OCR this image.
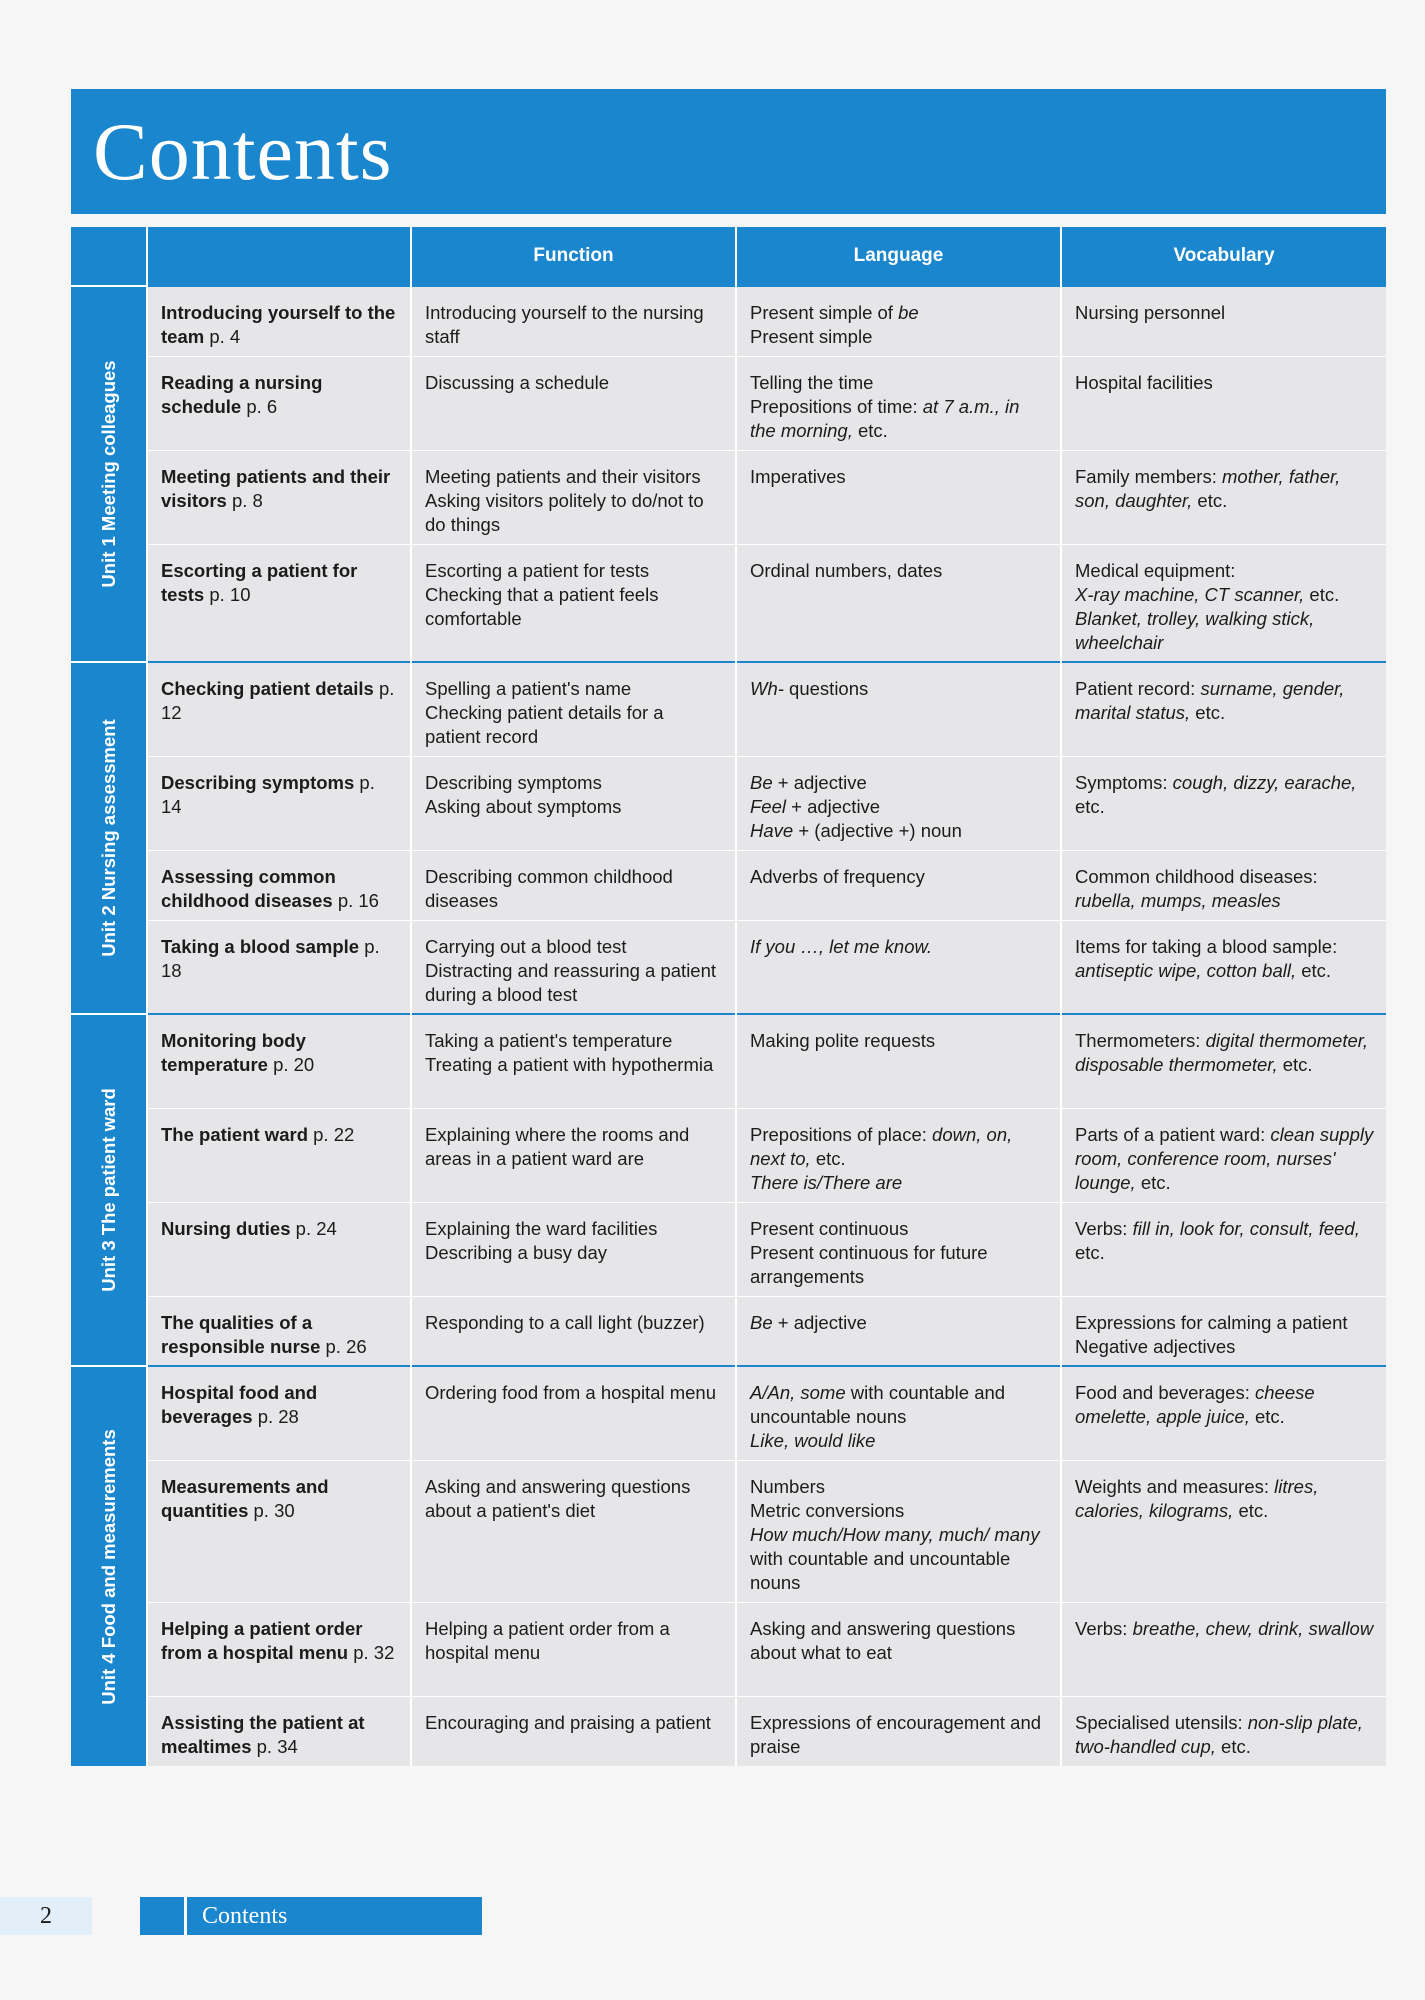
Contents
		Function	Language	Vocabulary

Unit 1 Meeting colleagues	Introducing yourself to the team p. 4	Introducing yourself to the nursing staff	Present simple of be
Present simple	Nursing personnel

	Reading a nursing schedule p. 6	Discussing a schedule	Telling the time
Prepositions of time: at 7 a.m., in the morning, etc.	Hospital facilities

	Meeting patients and their visitors p. 8	Meeting patients and their visitors
Asking visitors politely to do/not to do things	Imperatives	Family members: mother, father, son, daughter, etc.

	Escorting a patient for tests p. 10	Escorting a patient for tests
Checking that a patient feels comfortable	Ordinal numbers, dates	Medical equipment:
X-ray machine, CT scanner, etc.
Blanket, trolley, walking stick, wheelchair

Unit 2 Nursing assessment	Checking patient details p. 12	Spelling a patient's name
Checking patient details for a patient record	Wh- questions	Patient record: surname, gender, marital status, etc.

	Describing symptoms p. 14	Describing symptoms
Asking about symptoms	Be + adjective
Feel + adjective
Have + (adjective +) noun	Symptoms: cough, dizzy, earache, etc.

	Assessing common childhood diseases p. 16	Describing common childhood diseases	Adverbs of frequency	Common childhood diseases: rubella, mumps, measles

	Taking a blood sample p. 18	Carrying out a blood test
Distracting and reassuring a patient during a blood test	If you …, let me know.	Items for taking a blood sample: antiseptic wipe, cotton ball, etc.

Unit 3 The patient ward	Monitoring body temperature p. 20	Taking a patient's temperature
Treating a patient with hypothermia	Making polite requests	Thermometers: digital thermometer, disposable thermometer, etc.

	The patient ward p. 22	Explaining where the rooms and areas in a patient ward are	Prepositions of place: down, on, next to, etc.
There is/There are	Parts of a patient ward: clean supply room, conference room, nurses' lounge, etc.

	Nursing duties p. 24	Explaining the ward facilities
Describing a busy day	Present continuous
Present continuous for future arrangements	Verbs: fill in, look for, consult, feed, etc.

	The qualities of a responsible nurse p. 26	Responding to a call light (buzzer)	Be + adjective	Expressions for calming a patient
Negative adjectives

Unit 4 Food and measurements	Hospital food and beverages p. 28	Ordering food from a hospital menu	A/An, some with countable and uncountable nouns
Like, would like	Food and beverages: cheese omelette, apple juice, etc.

	Measurements and quantities p. 30	Asking and answering questions about a patient's diet	Numbers
Metric conversions
How much/How many, much/ many with countable and uncountable nouns	Weights and measures: litres, calories, kilograms, etc.

	Helping a patient order from a hospital menu p. 32	Helping a patient order from a hospital menu	Asking and answering questions about what to eat	Verbs: breathe, chew, drink, swallow

	Assisting the patient at mealtimes p. 34	Encouraging and praising a patient	Expressions of encouragement and praise	Specialised utensils: non-slip plate, two-handled cup, etc.
2	Contents
